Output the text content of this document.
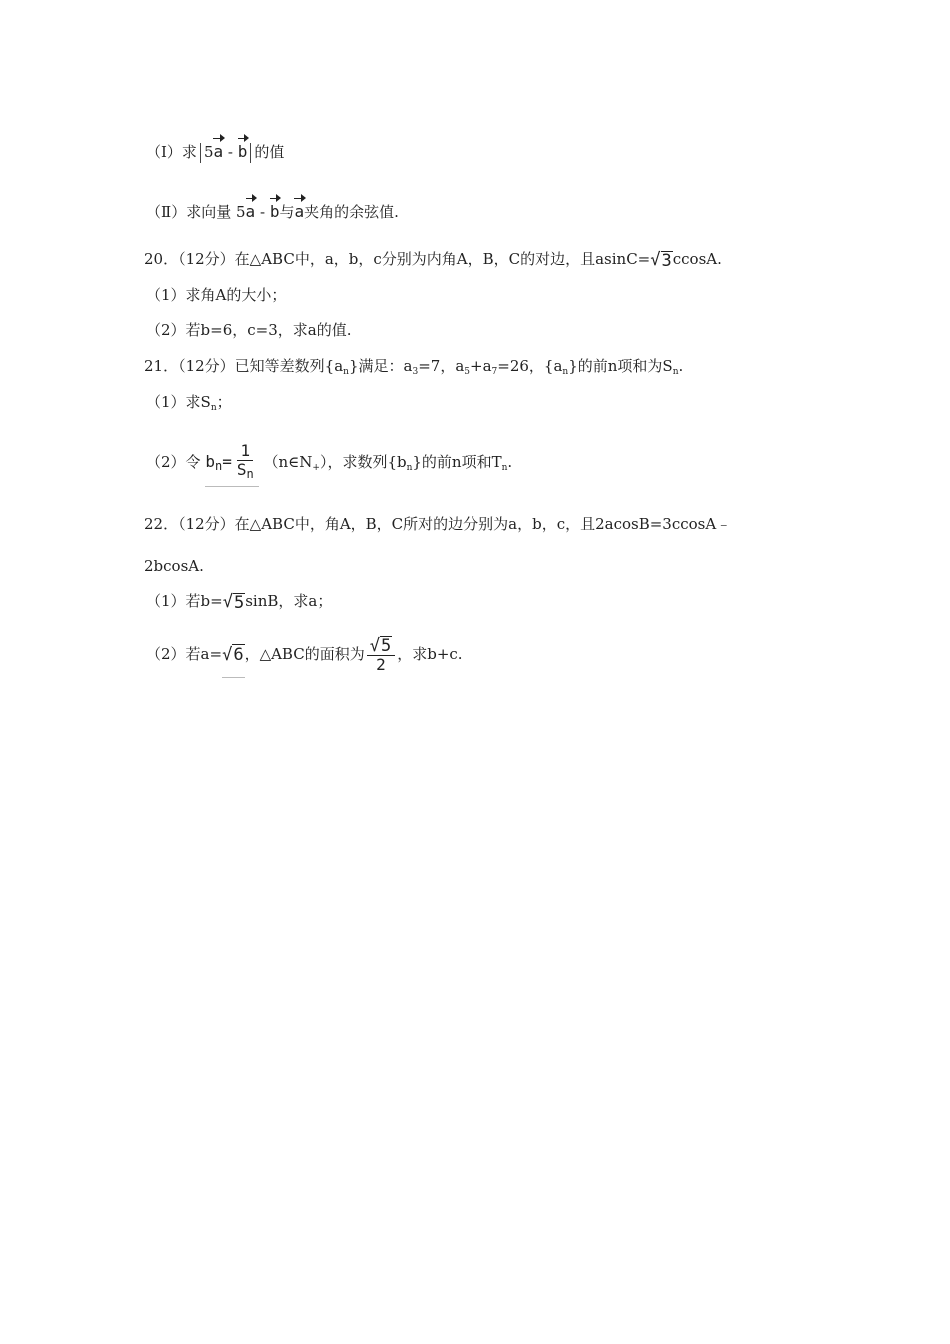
（Ⅰ）求 5a - b 的值
（Ⅱ）求向量 5a - b与a夹角的余弦值.
20．（12分）在△ABC中，a，b，c分别为内角A，B，C的对边，且asinC=√ 3 ccosA.
（1）求角A的大小；
（2）若b=6，c=3，求a的值.
21．（12分）已知等差数列$\{a_n\}$满足：$a_3=7$，$a_5+a_7=26$，$\{a_n\}$的前n项和为$S_n$.
（1）求$S_n$；
（2）令 $b_n= \frac{1}{S_n}$ $(n\in N_+)$，求数列$\{b_n\}$的前n项和$T_n$.
22．（12分）在△ABC中，角A，B，C所对的边分别为a，b，c，且2acosB=3ccosA﹣
2bcosA.
（1）若b=√ 5 sinB，求a；
（2）若a=√6，△ABC的面积为 $\frac{√ 5}{2}$ ，求b+c.
